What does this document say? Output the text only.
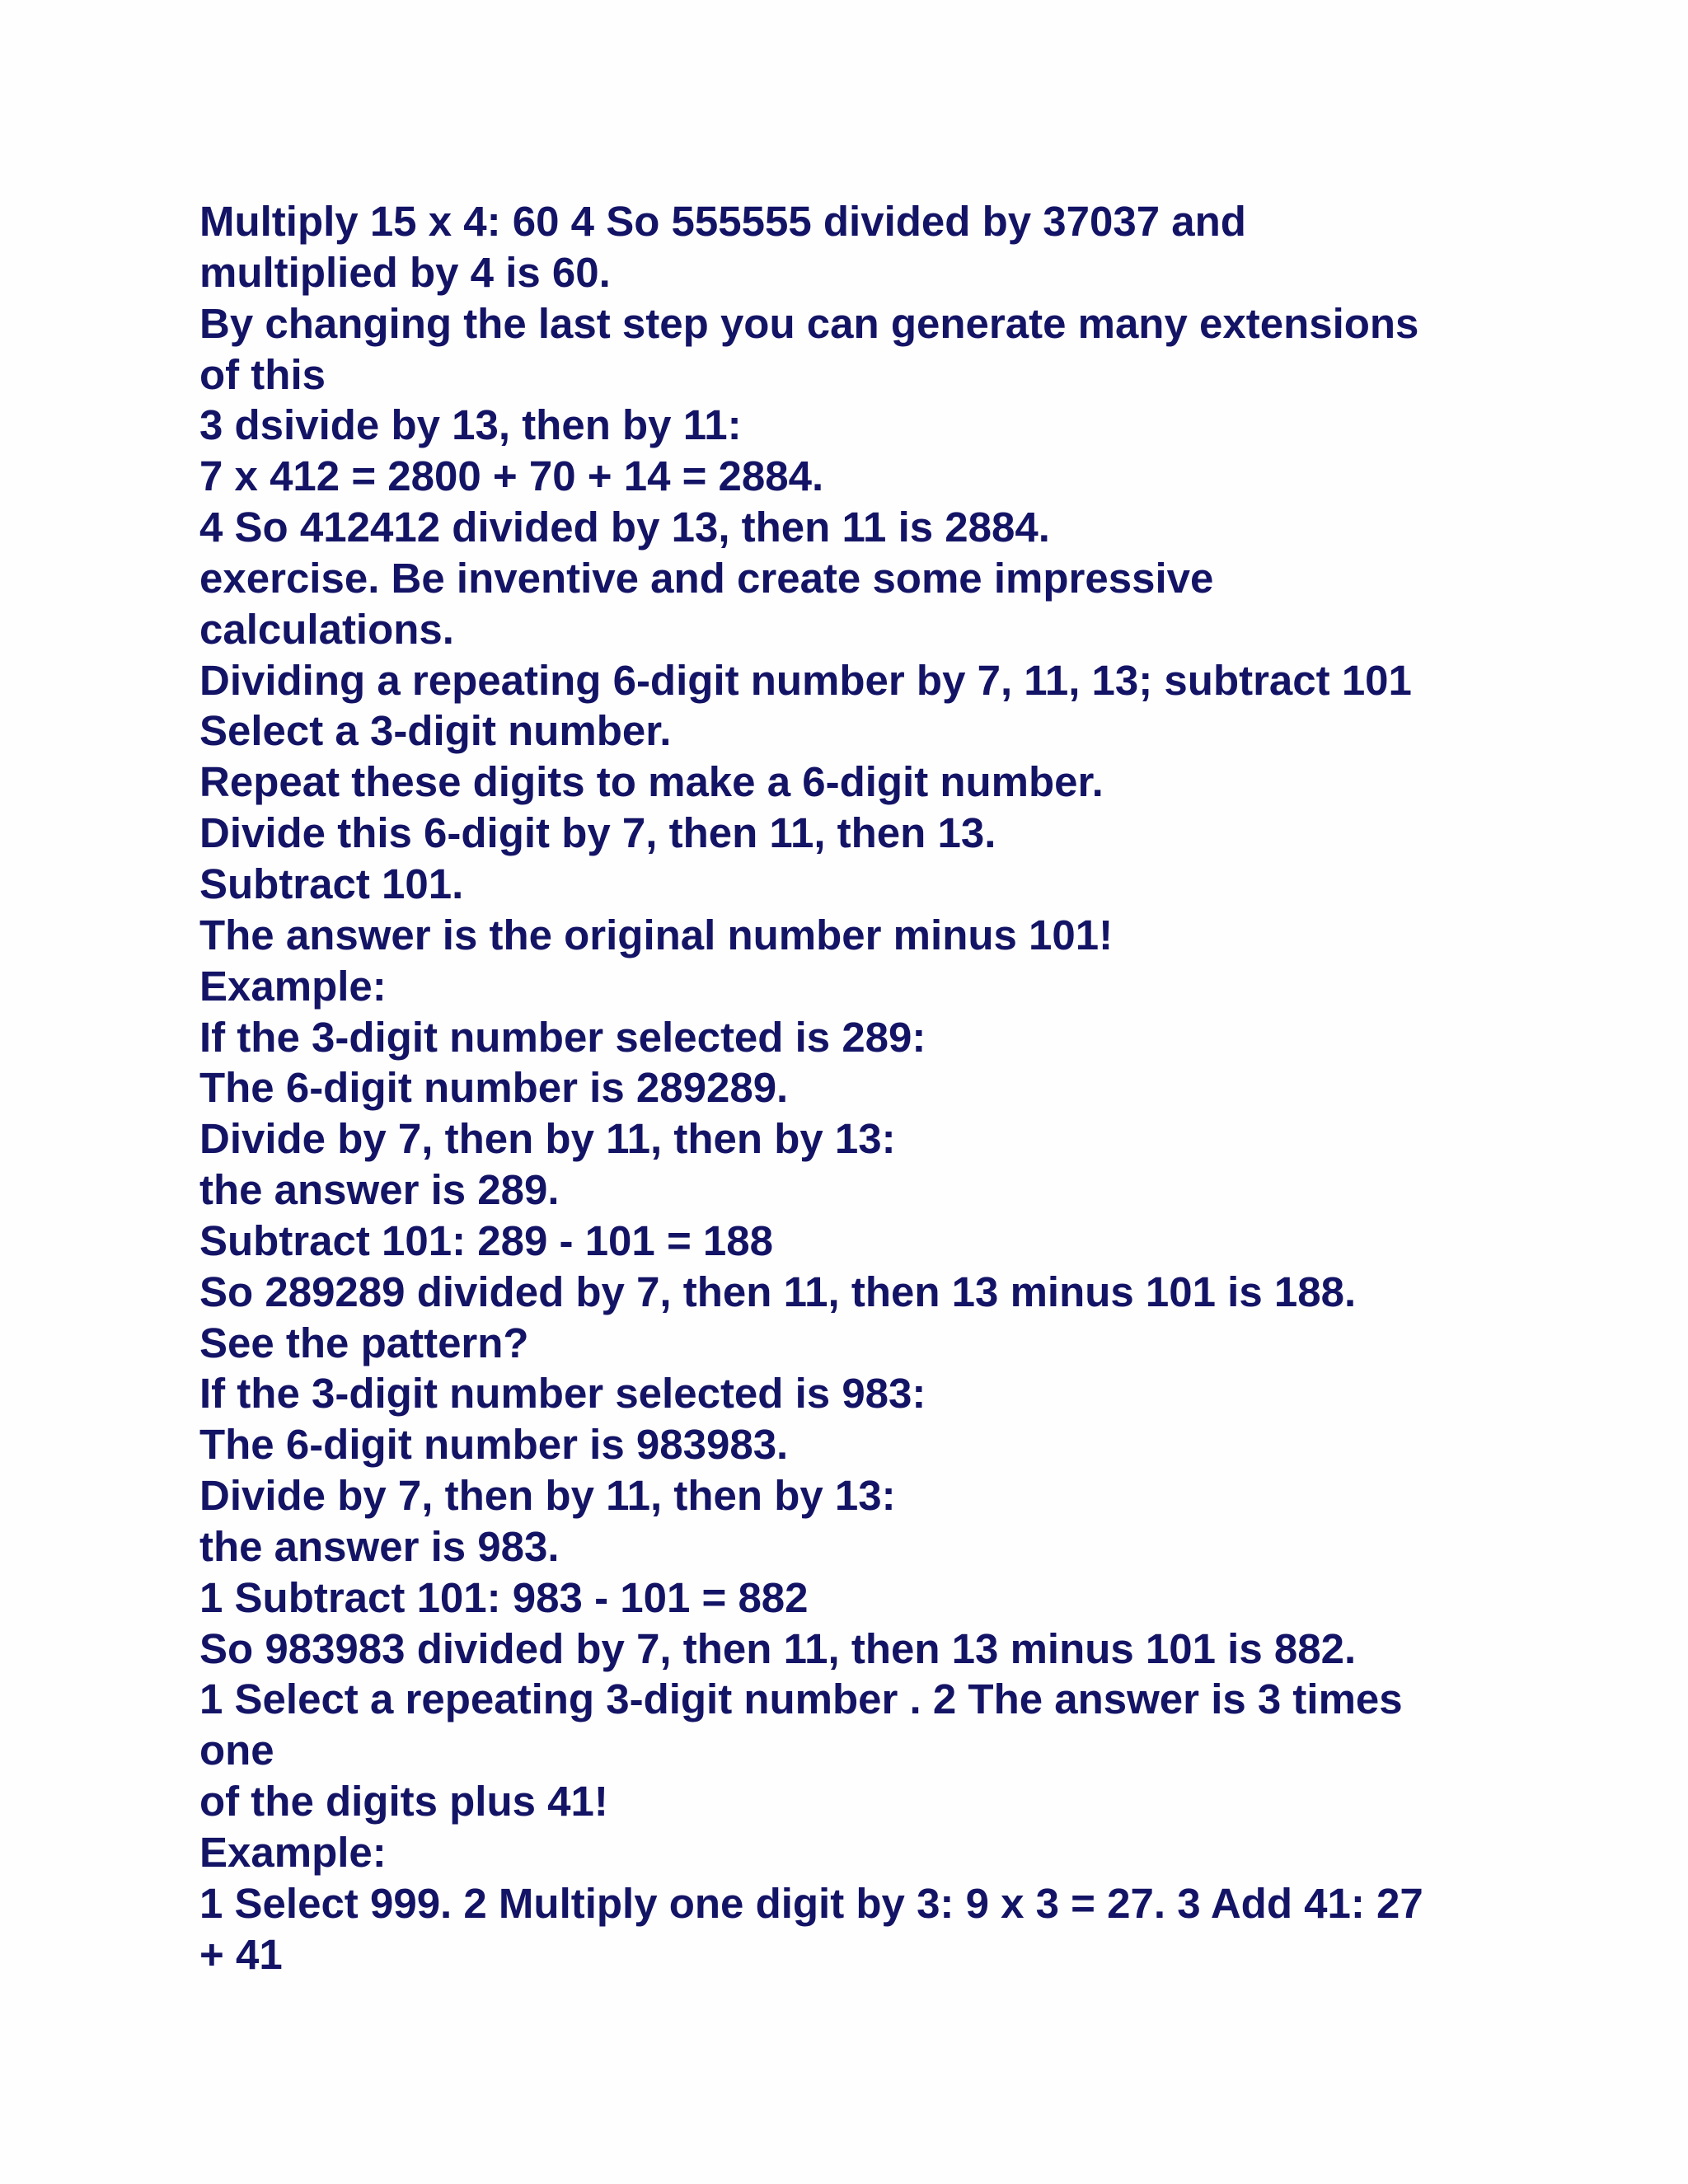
Multiply 15 x 4: 60 4 So 555555 divided by 37037 and
multiplied by 4 is 60.
By changing the last step you can generate many extensions
of this
3 dsivide by 13, then by 11:
7 x 412 = 2800 + 70 + 14 = 2884.
4 So 412412 divided by 13, then 11 is 2884.
exercise. Be inventive and create some impressive
calculations.
Dividing a repeating 6-digit number by 7, 11, 13; subtract 101
Select a 3-digit number.
Repeat these digits to make a 6-digit number.
Divide this 6-digit by 7, then 11, then 13.
Subtract 101.
The answer is the original number minus 101!
Example:
If the 3-digit number selected is 289:
The 6-digit number is 289289.
Divide by 7, then by 11, then by 13:
the answer is 289.
Subtract 101: 289 - 101 = 188
So 289289 divided by 7, then 11, then 13 minus 101 is 188.
See the pattern?
If the 3-digit number selected is 983:
The 6-digit number is 983983.
Divide by 7, then by 11, then by 13:
the answer is 983.
1 Subtract 101: 983 - 101 = 882
So 983983 divided by 7, then 11, then 13 minus 101 is 882.
1 Select a repeating 3-digit number . 2 The answer is 3 times
one
of the digits plus 41!
Example:
1 Select 999. 2 Multiply one digit by 3: 9 x 3 = 27. 3 Add 41: 27
+ 41
